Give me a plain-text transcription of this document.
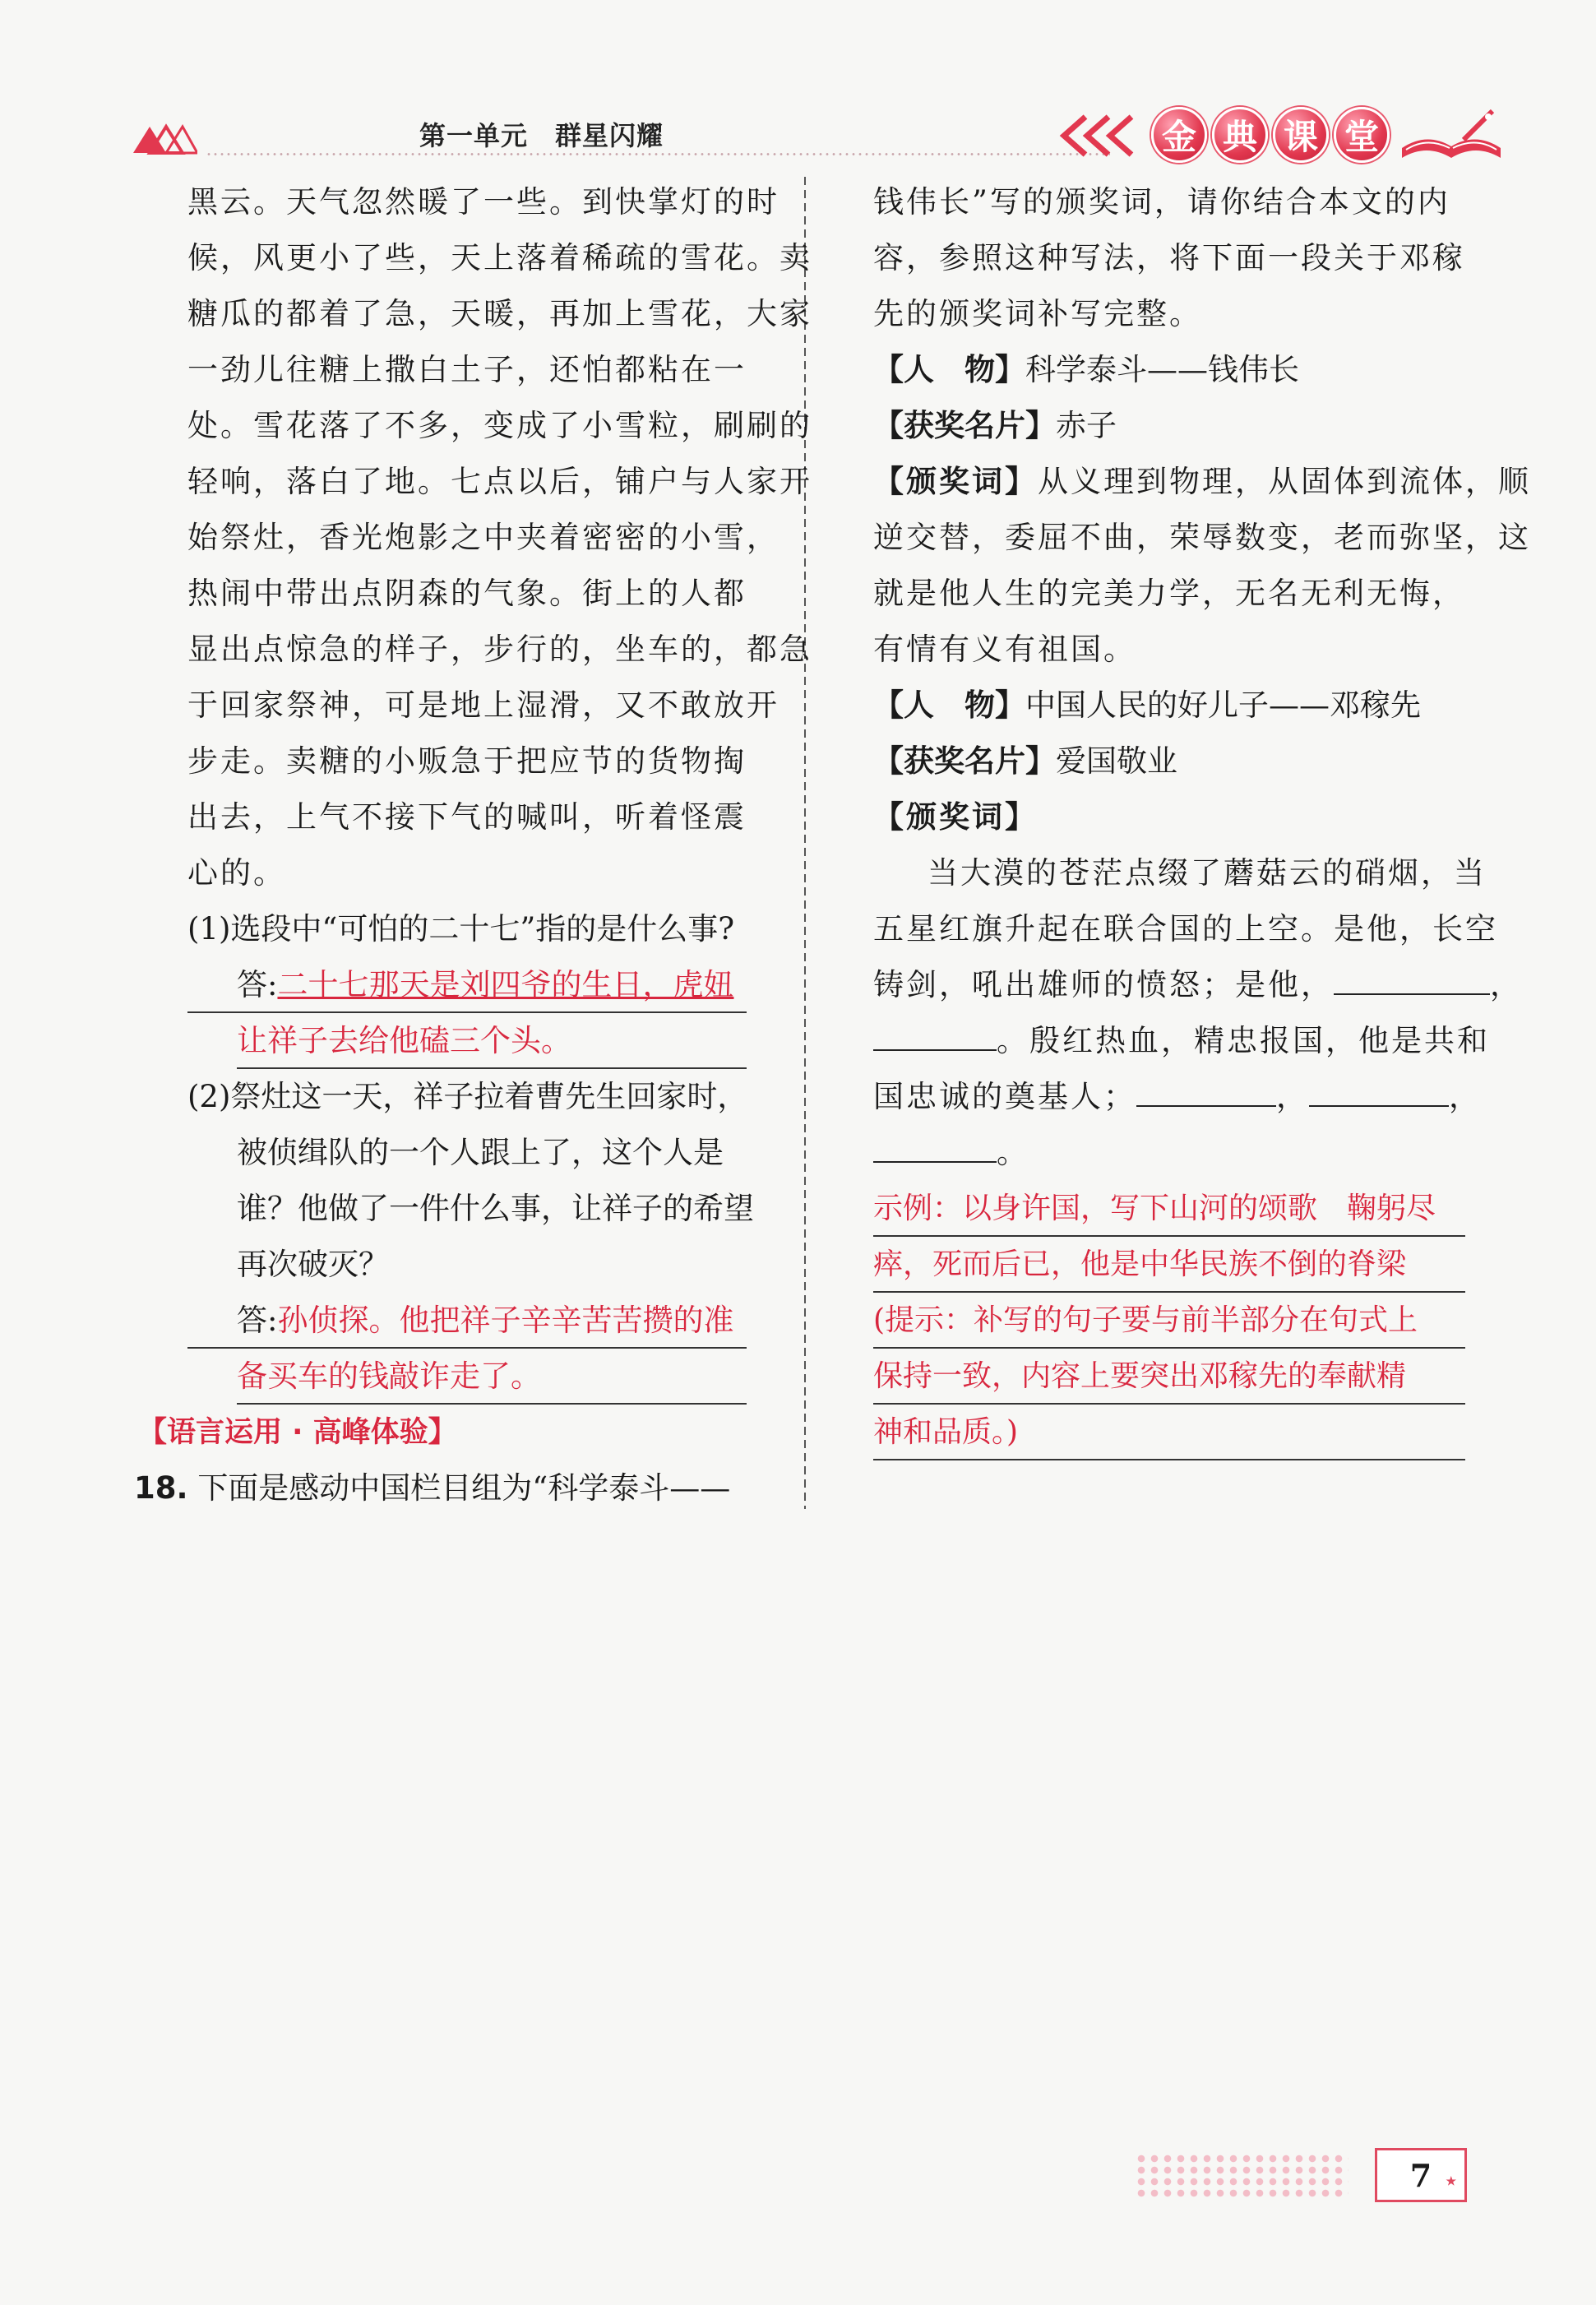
第一单元　群星闪耀	金 典 课 堂
黑云。天气忽然暖了一些。到快掌灯的时
候，风更小了些，天上落着稀疏的雪花。卖
糖瓜的都着了急，天暖，再加上雪花，大家
一劲儿往糖上撒白土子，还怕都粘在一
处。雪花落了不多，变成了小雪粒，刷刷的
轻响，落白了地。七点以后，铺户与人家开
始祭灶，香光炮影之中夹着密密的小雪，
热闹中带出点阴森的气象。街上的人都
显出点惊急的样子，步行的，坐车的，都急
于回家祭神，可是地上湿滑，又不敢放开
步走。卖糖的小贩急于把应节的货物掏
出去，上气不接下气的喊叫，听着怪震
心的。
(1)选段中“可怕的二十七”指的是什么事?
答:二十七那天是刘四爷的生日，虎妞
让祥子去给他磕三个头。
(2)祭灶这一天，祥子拉着曹先生回家时，
被侦缉队的一个人跟上了，这个人是
谁？他做了一件什么事，让祥子的希望
再次破灭？
答:孙侦探。他把祥子辛辛苦苦攒的准
备买车的钱敲诈走了。
【语言运用 · 高峰体验】
18. 下面是感动中国栏目组为“科学泰斗——
钱伟长”写的颁奖词，请你结合本文的内
容，参照这种写法，将下面一段关于邓稼
先的颁奖词补写完整。
【人　物】科学泰斗——钱伟长
【获奖名片】赤子
【颁奖词】从义理到物理，从固体到流体，顺
逆交替，委屈不曲，荣辱数变，老而弥坚，这
就是他人生的完美力学，无名无利无悔，
有情有义有祖国。
【人　物】中国人民的好儿子——邓稼先
【获奖名片】爱国敬业
【颁奖词】
当大漠的苍茫点缀了蘑菇云的硝烟，当
五星红旗升起在联合国的上空。是他，长空
铸剑，吼出雄师的愤怒；是他，	，
。殷红热血，精忠报国，他是共和
国忠诚的奠基人；	，	，
。
示例：以身许国，写下山河的颂歌　鞠躬尽
瘁，死而后已，他是中华民族不倒的脊梁
(提示：补写的句子要与前半部分在句式上
保持一致，内容上要突出邓稼先的奉献精
神和品质。)
7 ★
